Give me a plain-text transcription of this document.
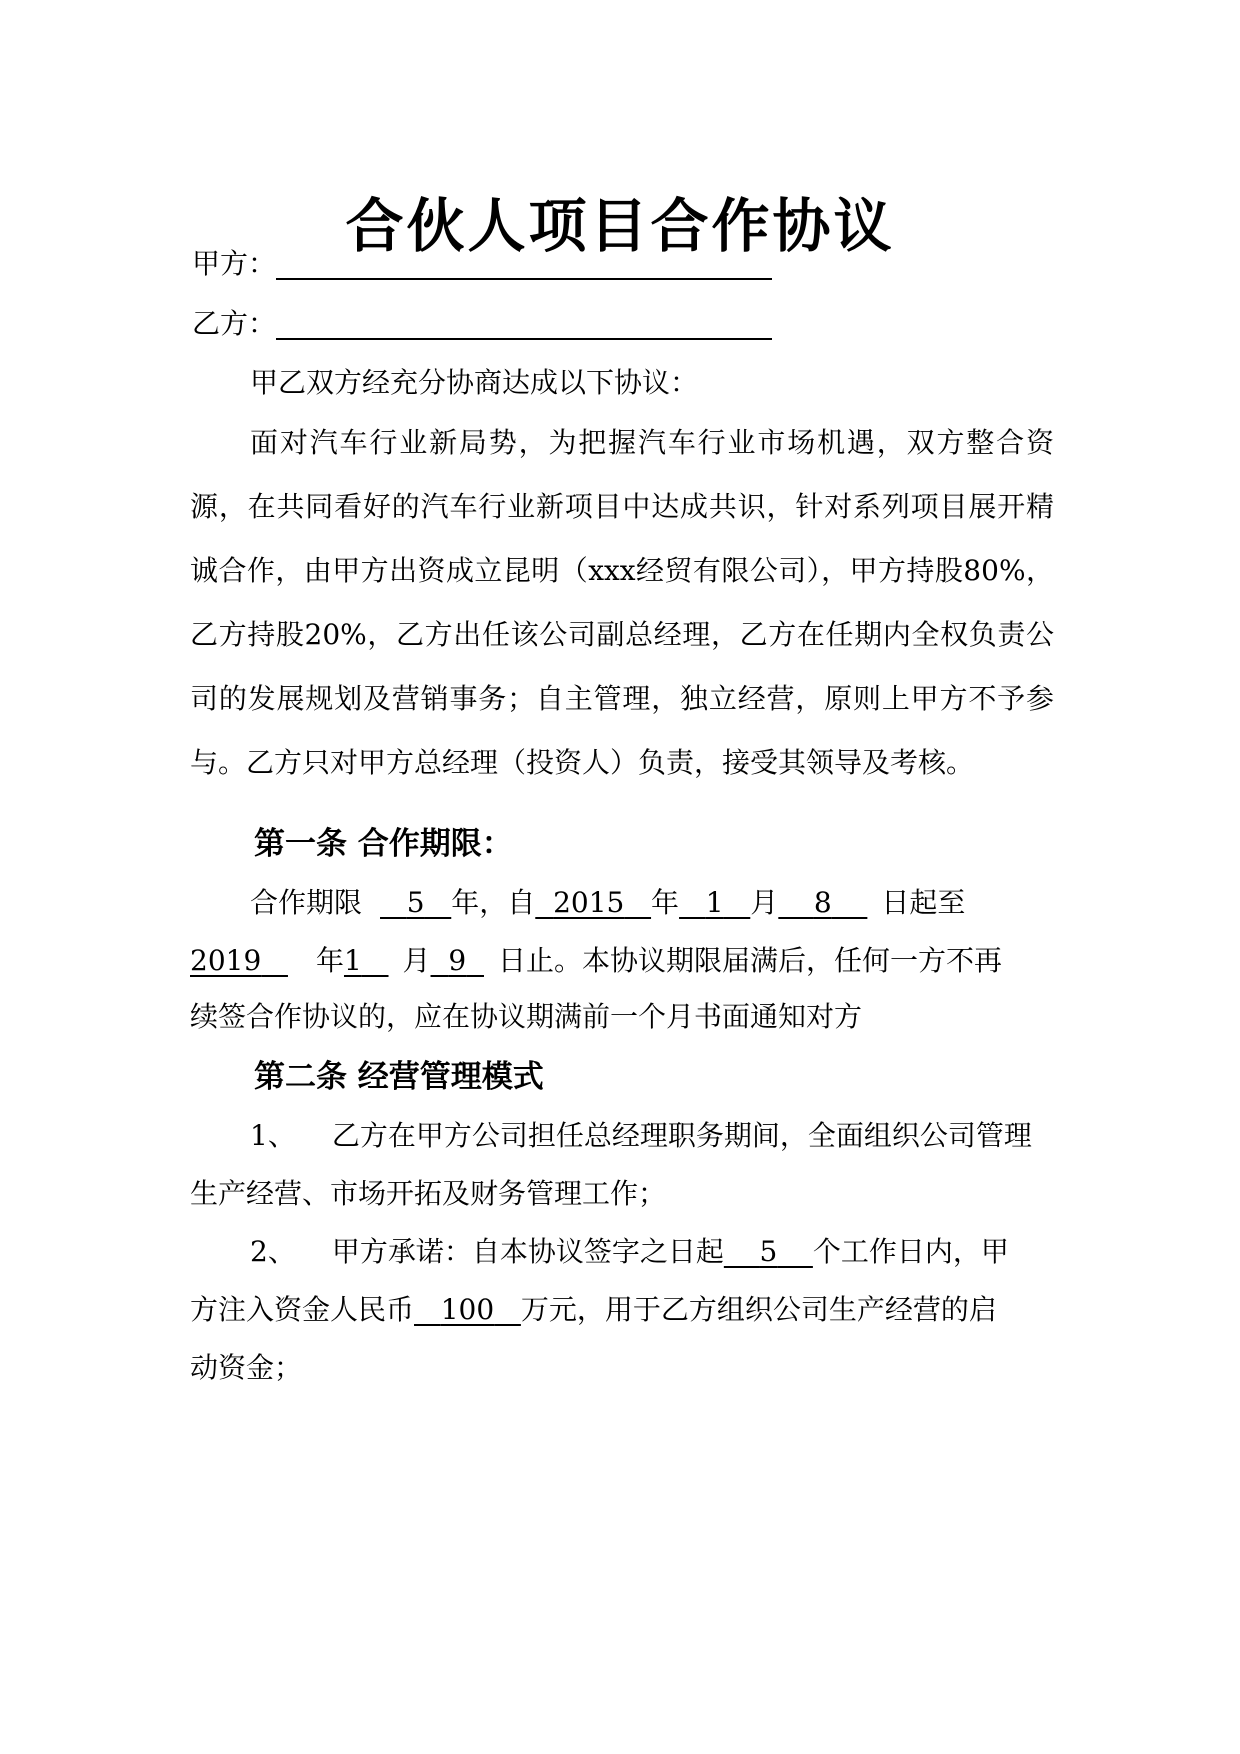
合伙人项目合作协议
甲方：
乙方：
甲乙双方经充分协商达成以下协议：

面对汽车行业新局势，为把握汽车行业市场机遇，双方整合资源，在共同看好的汽车行业新项目中达成共识，针对系列项目展开精诚合作，由甲方出资成立昆明（xxx经贸有限公司），甲方持股80%，乙方持股20%，乙方出任该公司副总经理，乙方在任期内全权负责公司的发展规划及营销事务；自主管理，独立经营，原则上甲方不予参与。乙方只对甲方总经理（投资人）负责，接受其领导及考核。

第一条 合作期限：
合作期限 5 年，自 2015 年 1 月 8 日起至
2019 年1 月 9 日止。本协议期限届满后，任何一方不再
续签合作协议的，应在协议期满前一个月书面通知对方
第二条 经营管理模式
1、 乙方在甲方公司担任总经理职务期间，全面组织公司管理
生产经营、市场开拓及财务管理工作；
2、 甲方承诺：自本协议签字之日起 5 个工作日内，甲
方注入资金人民币 100 万元，用于乙方组织公司生产经营的启
动资金；
